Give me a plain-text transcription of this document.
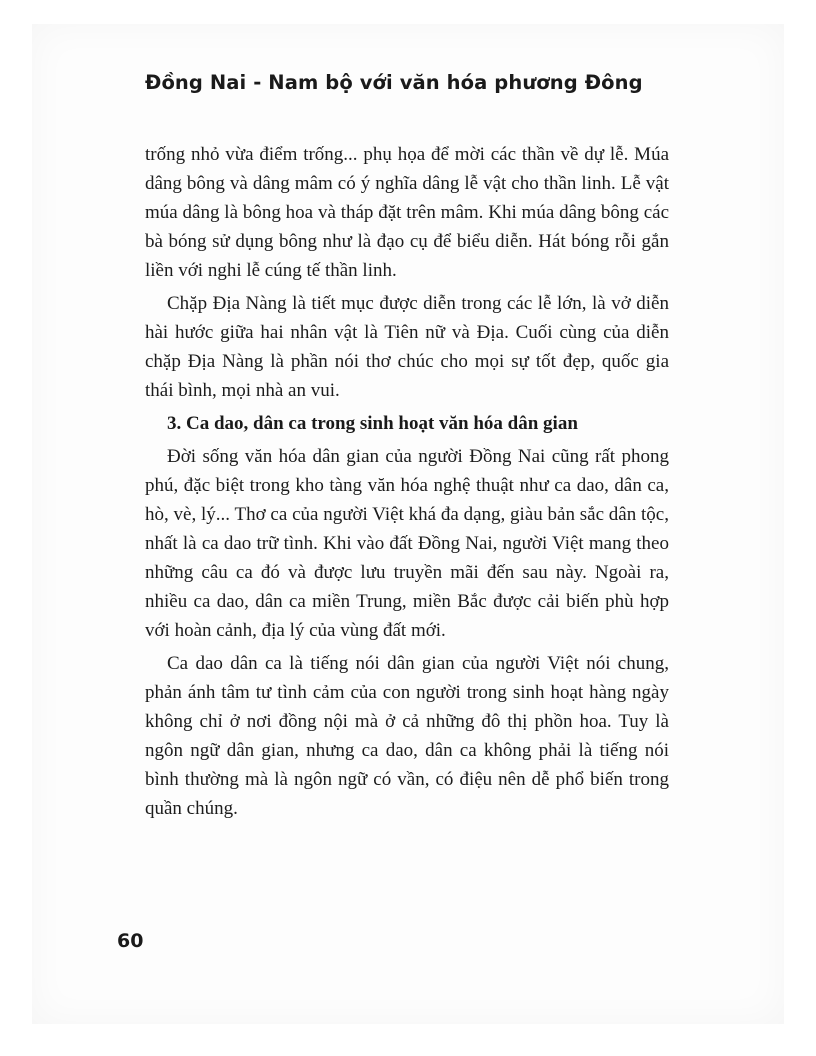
Đồng Nai - Nam bộ với văn hóa phương Đông

trống nhỏ vừa điểm trống... phụ họa để mời các thần về dự lễ. Múa dâng bông và dâng mâm có ý nghĩa dâng lễ vật cho thần linh. Lễ vật múa dâng là bông hoa và tháp đặt trên mâm. Khi múa dâng bông các bà bóng sử dụng bông như là đạo cụ để biểu diễn. Hát bóng rỗi gắn liền với nghi lễ cúng tế thần linh.

Chặp Địa Nàng là tiết mục được diễn trong các lễ lớn, là vở diễn hài hước giữa hai nhân vật là Tiên nữ và Địa. Cuối cùng của diễn chặp Địa Nàng là phần nói thơ chúc cho mọi sự tốt đẹp, quốc gia thái bình, mọi nhà an vui.

3. Ca dao, dân ca trong sinh hoạt văn hóa dân gian

Đời sống văn hóa dân gian của người Đồng Nai cũng rất phong phú, đặc biệt trong kho tàng văn hóa nghệ thuật như ca dao, dân ca, hò, vè, lý... Thơ ca của người Việt khá đa dạng, giàu bản sắc dân tộc, nhất là ca dao trữ tình. Khi vào đất Đồng Nai, người Việt mang theo những câu ca đó và được lưu truyền mãi đến sau này. Ngoài ra, nhiều ca dao, dân ca miền Trung, miền Bắc được cải biến phù hợp với hoàn cảnh, địa lý của vùng đất mới.

Ca dao dân ca là tiếng nói dân gian của người Việt nói chung, phản ánh tâm tư tình cảm của con người trong sinh hoạt hàng ngày không chỉ ở nơi đồng nội mà ở cả những đô thị phồn hoa. Tuy là ngôn ngữ dân gian, nhưng ca dao, dân ca không phải là tiếng nói bình thường mà là ngôn ngữ có vần, có điệu nên dễ phổ biến trong quần chúng.

60
